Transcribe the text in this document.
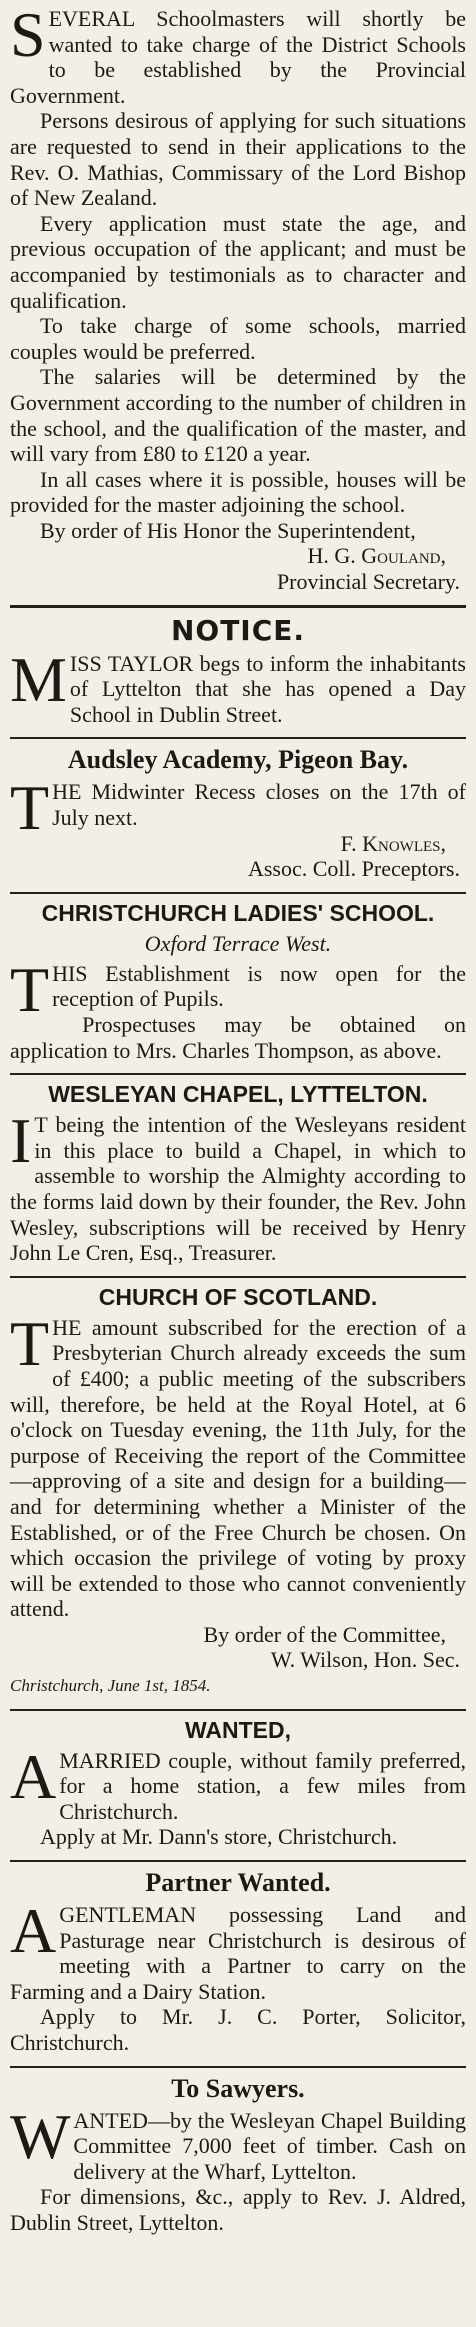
SEVERAL Schoolmasters will shortly be wanted to take charge of the District Schools to be established by the Provincial Government.

Persons desirous of applying for such situations are requested to send in their applications to the Rev. O. Mathias, Commissary of the Lord Bishop of New Zealand.

Every application must state the age, and previous occupation of the applicant; and must be accompanied by testimonials as to character and qualification.

To take charge of some schools, married couples would be preferred.

The salaries will be determined by the Government according to the number of children in the school, and the qualification of the master, and will vary from £80 to £120 a year.

In all cases where it is possible, houses will be provided for the master adjoining the school.

By order of His Honor the Superintendent,

H. G. Gouland,

Provincial Secretary.

NOTICE.

MISS TAYLOR begs to inform the inhabitants of Lyttelton that she has opened a Day School in Dublin Street.

Audsley Academy, Pigeon Bay.

THE Midwinter Recess closes on the 17th of July next.

F. Knowles,

Assoc. Coll. Preceptors.

CHRISTCHURCH LADIES' SCHOOL.
Oxford Terrace West.

THIS Establishment is now open for the reception of Pupils.

Prospectuses may be obtained on application to Mrs. Charles Thompson, as above.

WESLEYAN CHAPEL, LYTTELTON.

I T being the intention of the Wesleyans resident in this place to build a Chapel, in which to assemble to worship the Almighty according to the forms laid down by their founder, the Rev. John Wesley, subscriptions will be received by Henry John Le Cren, Esq., Treasurer.

CHURCH OF SCOTLAND.

THE amount subscribed for the erection of a Presbyterian Church already exceeds the sum of £400; a public meeting of the subscribers will, therefore, be held at the Royal Hotel, at 6 o'clock on Tuesday evening, the 11th July, for the purpose of Receiving the report of the Committee—approving of a site and design for a building—and for determining whether a Minister of the Established, or of the Free Church be chosen. On which occasion the privilege of voting by proxy will be extended to those who cannot conveniently attend.

By order of the Committee,

W. Wilson, Hon. Sec.

Christchurch, June 1st, 1854.

WANTED,

AMARRIED couple, without family preferred, for a home station, a few miles from Christchurch.

Apply at Mr. Dann's store, Christchurch.

Partner Wanted.

AGENTLEMAN possessing Land and Pasturage near Christchurch is desirous of meeting with a Partner to carry on the Farming and a Dairy Station.

Apply to Mr. J. C. Porter, Solicitor, Christchurch.

To Sawyers.

WANTED—by the Wesleyan Chapel Building Committee 7,000 feet of timber. Cash on delivery at the Wharf, Lyttelton.

For dimensions, &c., apply to Rev. J. Aldred, Dublin Street, Lyttelton.
